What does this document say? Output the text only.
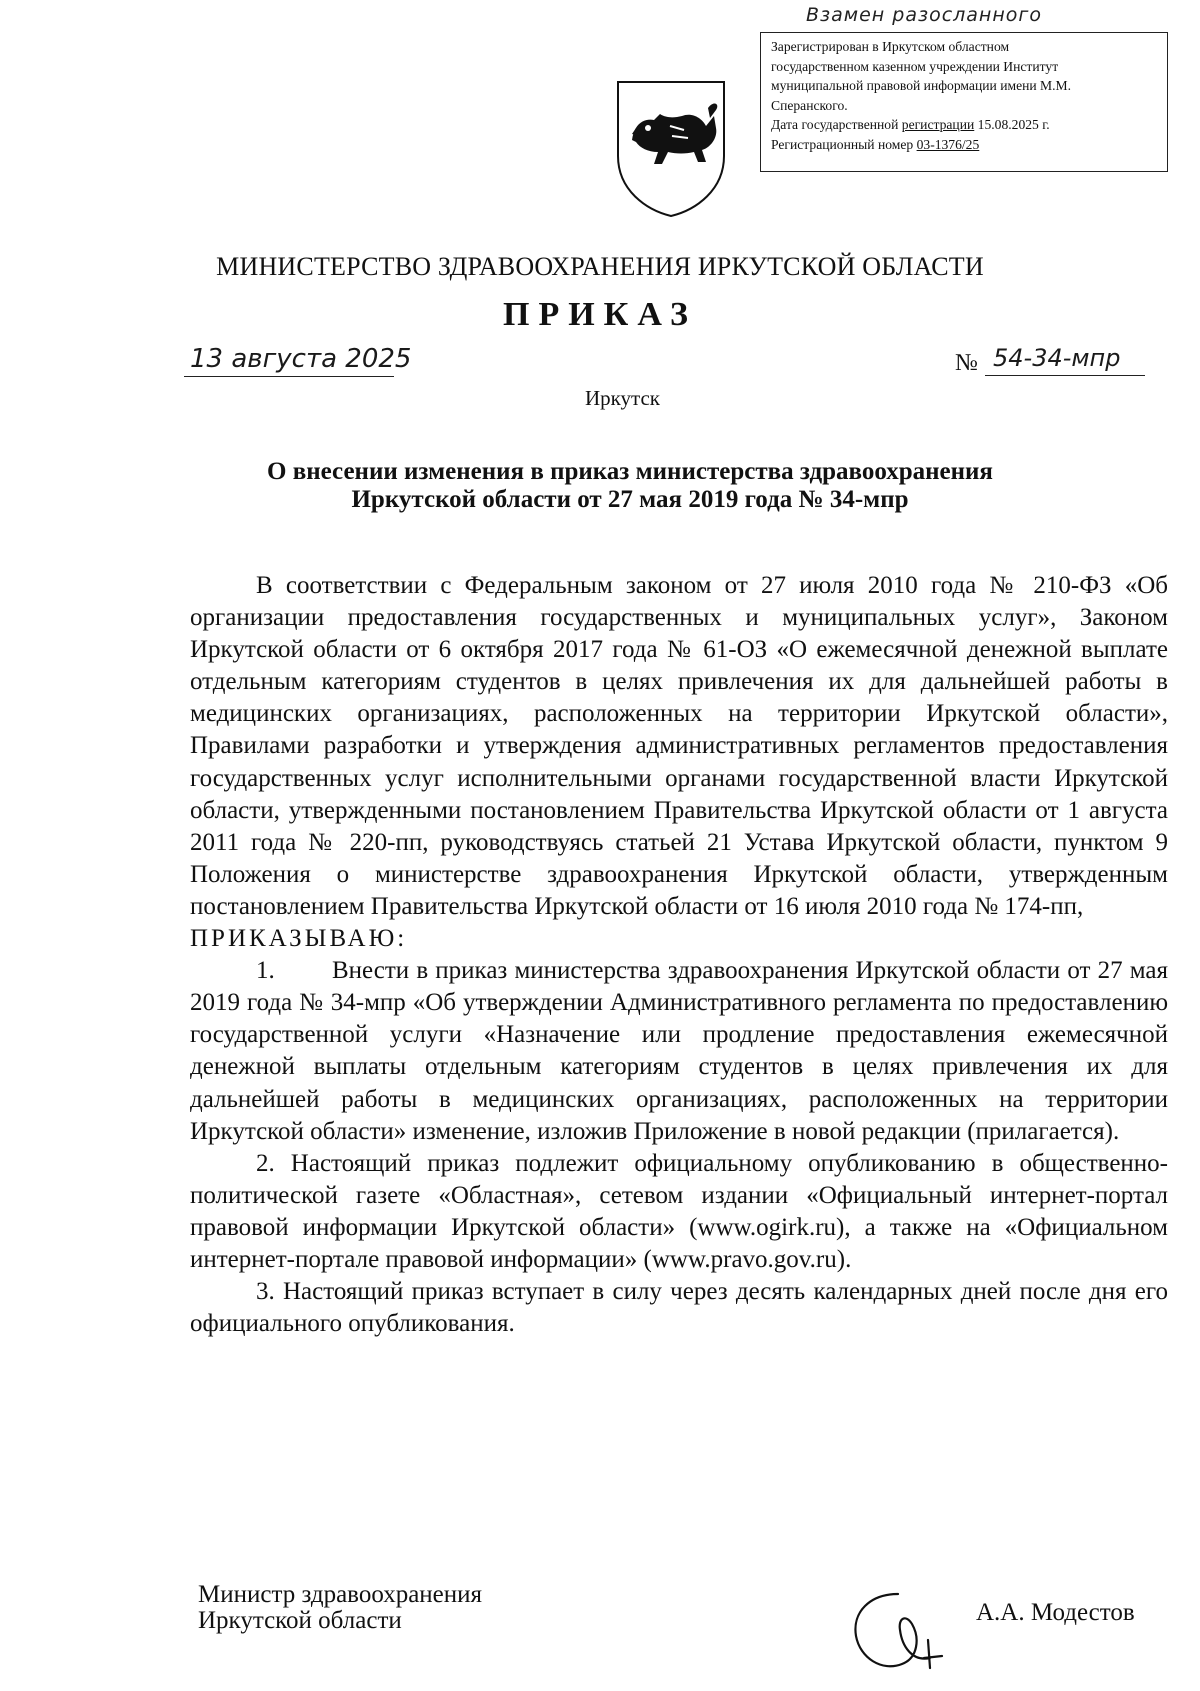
Взамен разосланного
Зарегистрирован в Иркутском областном
государственном казенном учреждении Институт
муниципальной правовой информации имени М.М.
Сперанского.
Дата государственной регистрации 15.08.2025 г.
Регистрационный номер 03-1376/25
МИНИСТЕРСТВО ЗДРАВООХРАНЕНИЯ ИРКУТСКОЙ ОБЛАСТИ
ПРИКАЗ
13 августа 2025	№ 54-34-мпр
Иркутск
О внесении изменения в приказ министерства здравоохранения
Иркутской области от 27 мая 2019 года № 34-мпр

В соответствии с Федеральным законом от 27 июля 2010 года № 210-ФЗ «Об организации предоставления государственных и муниципальных услуг», Законом Иркутской области от 6 октября 2017 года № 61-ОЗ «О ежемесячной денежной выплате отдельным категориям студентов в целях привлечения их для дальнейшей работы в медицинских организациях, расположенных на территории Иркутской области», Правилами разработки и утверждения административных регламентов предоставления государственных услуг исполнительными органами государственной власти Иркутской области, утвержденными постановлением Правительства Иркутской области от 1 августа 2011 года № 220-пп, руководствуясь статьей 21 Устава Иркутской области, пунктом 9 Положения о министерстве здравоохранения Иркутской области, утвержденным постановлением Правительства Иркутской области от 16 июля 2010 года № 174-пп,

ПРИКАЗЫВАЮ:

1. Внести в приказ министерства здравоохранения Иркутской области от 27 мая 2019 года № 34-мпр «Об утверждении Административного регламента по предоставлению государственной услуги «Назначение или продление предоставления ежемесячной денежной выплаты отдельным категориям студентов в целях привлечения их для дальнейшей работы в медицинских организациях, расположенных на территории Иркутской области» изменение, изложив Приложение в новой редакции (прилагается).

2. Настоящий приказ подлежит официальному опубликованию в общественно-политической газете «Областная», сетевом издании «Официальный интернет-портал правовой информации Иркутской области» (www.ogirk.ru), а также на «Официальном интернет-портале правовой информации» (www.pravo.gov.ru).

3. Настоящий приказ вступает в силу через десять календарных дней после дня его официального опубликования.

Министр здравоохранения
Иркутской области	А.А. Модестов
